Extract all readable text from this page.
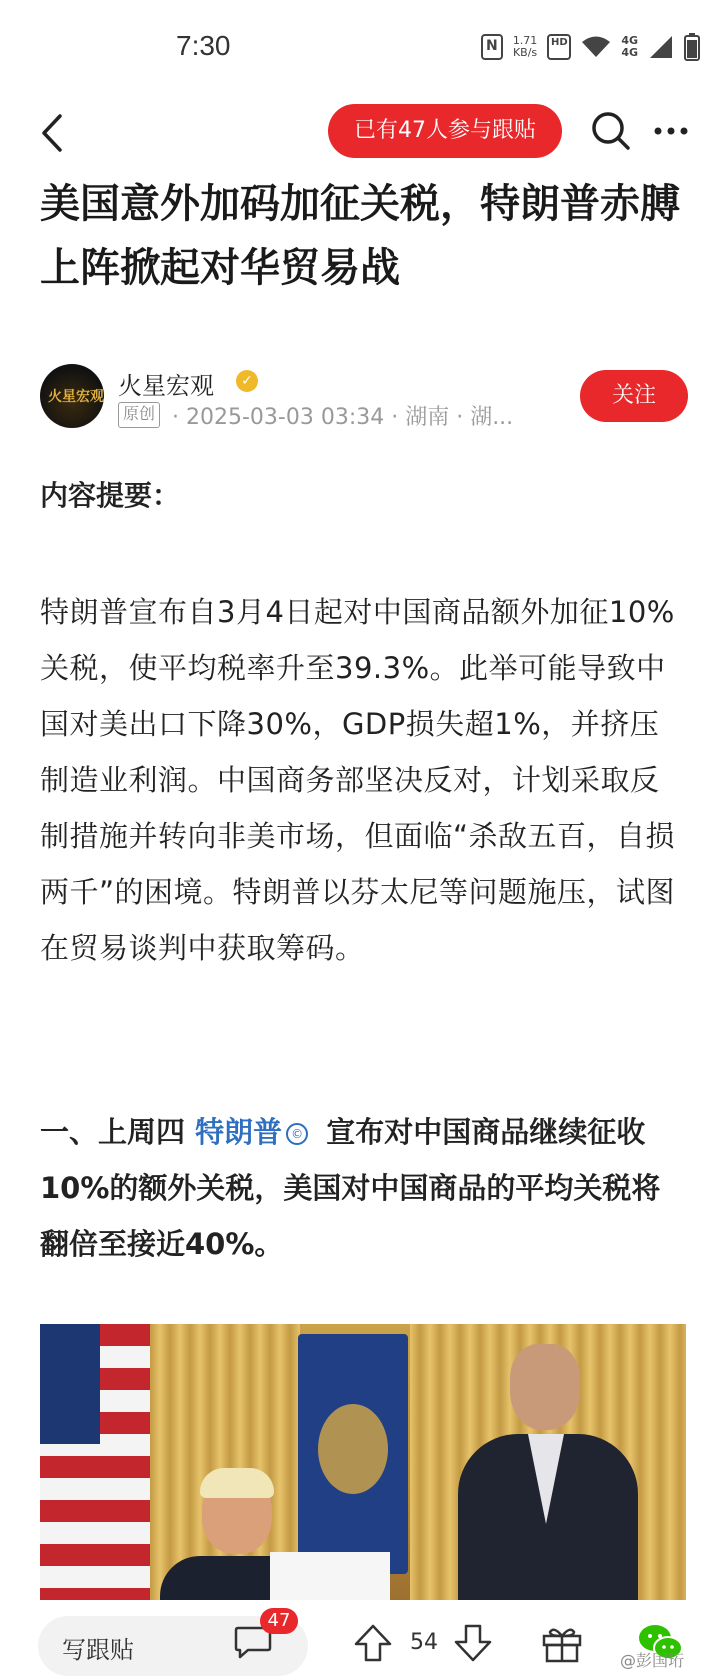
7:30	N	1.71
KB/s
HD	4G
4G
已有47人参与跟贴
美国意外加码加征关税，特朗普赤膊上阵掀起对华贸易战
火星宏观 火星宏观	✓
原创 · 2025-03-03 03:34 · 湖南 · 湖...
关注
内容提要：

特朗普宣布自3月4日起对中国商品额外加征10%关税，使平均税率升至39.3%。此举可能导致中国对美出口下降30%，GDP损失超1%，并挤压制造业利润。中国商务部坚决反对，计划采取反制措施并转向非美市场，但面临“杀敌五百，自损两千”的困境。特朗普以芬太尼等问题施压，试图在贸易谈判中获取筹码。

一、上周四 特朗普 © 宣布对中国商品继续征收10%的额外关税，美国对中国商品的平均关税将翻倍至接近40%。

写跟贴
47
54
@彭国珩
